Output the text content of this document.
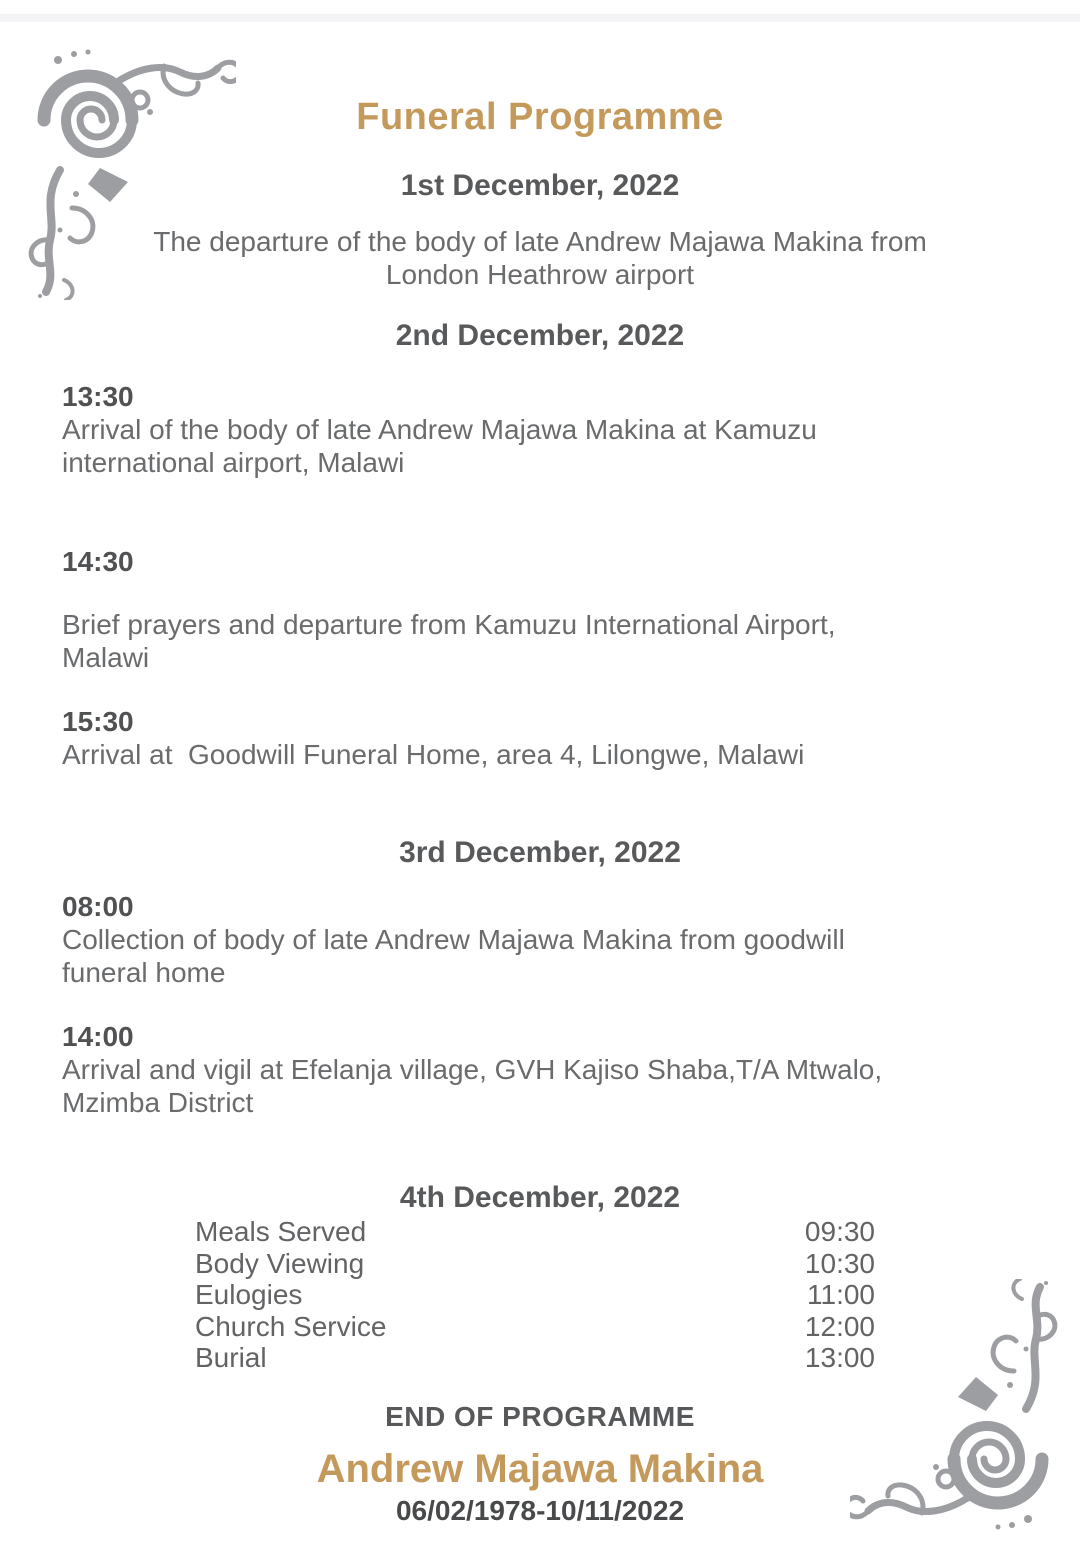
Funeral Programme
1st December, 2022

The departure of the body of late Andrew Majawa Makina from London Heathrow airport

2nd December, 2022
13:30

Arrival of the body of late Andrew Majawa Makina at Kamuzu international airport, Malawi

14:30

Brief prayers and departure from Kamuzu International Airport, Malawi

15:30

Arrival at  Goodwill Funeral Home, area 4, Lilongwe, Malawi

3rd December, 2022
08:00

Collection of body of late Andrew Majawa Makina from goodwill funeral home

14:00

Arrival and vigil at Efelanja village, GVH Kajiso Shaba,T/A Mtwalo, Mzimba District

4th December, 2022
Meals Served	09:30
Body Viewing	10:30
Eulogies	11:00
Church Service	12:00
Burial	13:00
END OF PROGRAMME
Andrew Majawa Makina
06/02/1978-10/11/2022
